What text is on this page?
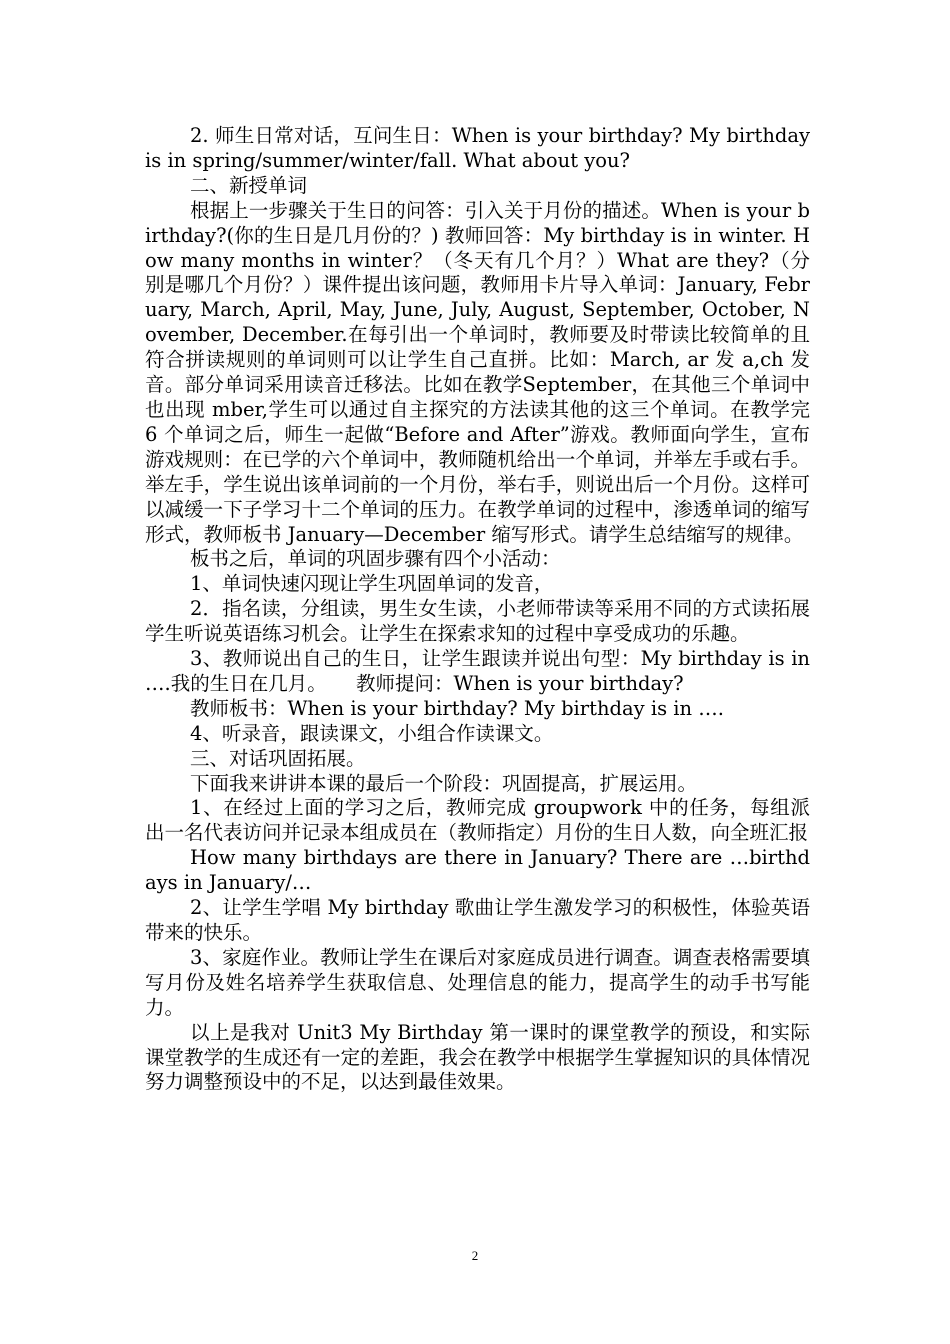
2. 师生日常对话，互问生日：When is your birthday? My birthday is in spring/summer/winter/fall. What about you?

二、新授单词

根据上一步骤关于生日的问答：引入关于月份的描述。When is your birthday?(你的生日是几月份的？) 教师回答：My birthday is in winter. How many months in winter？（冬天有几个月？）What are they?（分别是哪几个月份？）课件提出该问题，教师用卡片导入单词：January, February, March, April, May, June, July, August, September, October, November, December.在每引出一个单词时，教师要及时带读比较简单的且符合拼读规则的单词则可以让学生自己直拼。比如：March, ar 发 a,ch 发音。部分单词采用读音迁移法。比如在教学September，在其他三个单词中也出现 mber,学生可以通过自主探究的方法读其他的这三个单词。在教学完 6 个单词之后，师生一起做“Before and After”游戏。教师面向学生，宣布游戏规则：在已学的六个单词中，教师随机给出一个单词，并举左手或右手。举左手，学生说出该单词前的一个月份，举右手，则说出后一个月份。这样可以减缓一下子学习十二个单词的压力。在教学单词的过程中，渗透单词的缩写形式，教师板书 January—December 缩写形式。请学生总结缩写的规律。

板书之后，单词的巩固步骤有四个小活动：

1、单词快速闪现让学生巩固单词的发音，

2．指名读，分组读，男生女生读，小老师带读等采用不同的方式读拓展学生听说英语练习机会。让学生在探索求知的过程中享受成功的乐趣。

3、教师说出自己的生日，让学生跟读并说出句型：My birthday is in ….我的生日在几月。　　教师提问：When is your birthday?

教师板书：When is your birthday? My birthday is in ….

4、听录音，跟读课文，小组合作读课文。

三、对话巩固拓展。

下面我来讲讲本课的最后一个阶段：巩固提高，扩展运用。

1、在经过上面的学习之后，教师完成 groupwork 中的任务，每组派出一名代表访问并记录本组成员在（教师指定）月份的生日人数，向全班汇报

How many birthdays are there in January? There are …birthdays in January/…

2、让学生学唱 My birthday 歌曲让学生激发学习的积极性，体验英语带来的快乐。

3、家庭作业。教师让学生在课后对家庭成员进行调查。调查表格需要填写月份及姓名培养学生获取信息、处理信息的能力，提高学生的动手书写能力。

以上是我对 Unit3 My Birthday 第一课时的课堂教学的预设，和实际课堂教学的生成还有一定的差距，我会在教学中根据学生掌握知识的具体情况努力调整预设中的不足，以达到最佳效果。

2
